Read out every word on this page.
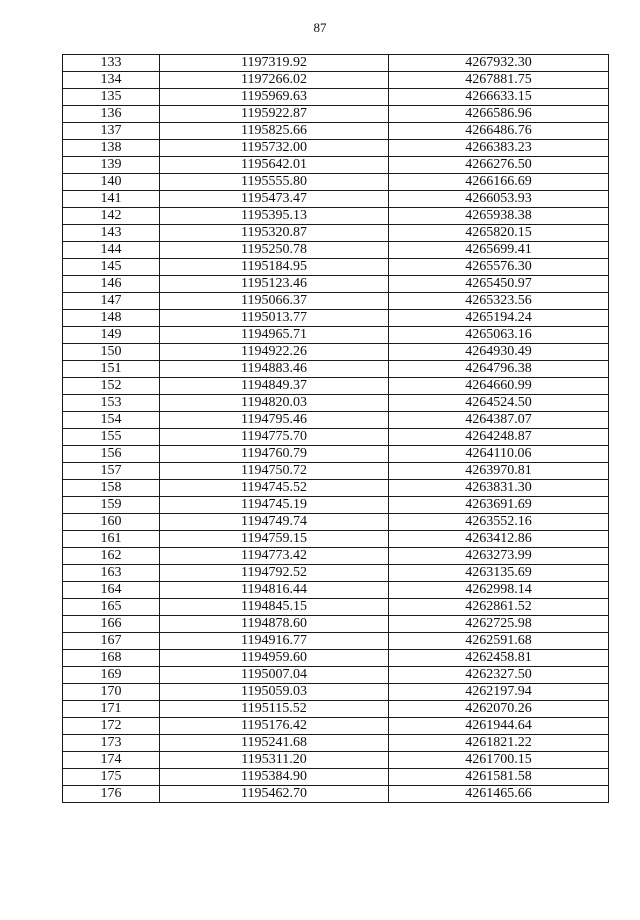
87
133	1197319.92	4267932.30
134	1197266.02	4267881.75
135	1195969.63	4266633.15
136	1195922.87	4266586.96
137	1195825.66	4266486.76
138	1195732.00	4266383.23
139	1195642.01	4266276.50
140	1195555.80	4266166.69
141	1195473.47	4266053.93
142	1195395.13	4265938.38
143	1195320.87	4265820.15
144	1195250.78	4265699.41
145	1195184.95	4265576.30
146	1195123.46	4265450.97
147	1195066.37	4265323.56
148	1195013.77	4265194.24
149	1194965.71	4265063.16
150	1194922.26	4264930.49
151	1194883.46	4264796.38
152	1194849.37	4264660.99
153	1194820.03	4264524.50
154	1194795.46	4264387.07
155	1194775.70	4264248.87
156	1194760.79	4264110.06
157	1194750.72	4263970.81
158	1194745.52	4263831.30
159	1194745.19	4263691.69
160	1194749.74	4263552.16
161	1194759.15	4263412.86
162	1194773.42	4263273.99
163	1194792.52	4263135.69
164	1194816.44	4262998.14
165	1194845.15	4262861.52
166	1194878.60	4262725.98
167	1194916.77	4262591.68
168	1194959.60	4262458.81
169	1195007.04	4262327.50
170	1195059.03	4262197.94
171	1195115.52	4262070.26
172	1195176.42	4261944.64
173	1195241.68	4261821.22
174	1195311.20	4261700.15
175	1195384.90	4261581.58
176	1195462.70	4261465.66
